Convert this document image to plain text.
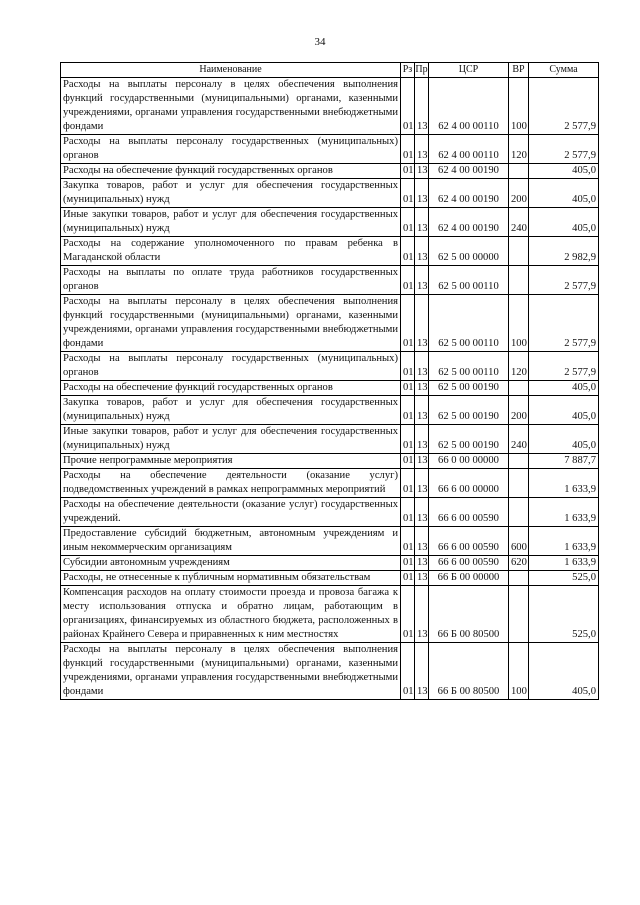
34
Наименование	Рз	Пр	ЦСР	ВР	Сумма
Расходы на выплаты персоналу в целях обеспечения выполнения функций государственными (муниципальными) органами, казенными учреждениями, органами управления государственными внебюджетными фондами	01	13	62 4 00 00110	100	2 577,9
Расходы на выплаты персоналу государственных (муниципальных) органов	01	13	62 4 00 00110	120	2 577,9
Расходы на обеспечение функций государственных органов	01	13	62 4 00 00190		405,0
Закупка товаров, работ и услуг для обеспечения государственных (муниципальных) нужд	01	13	62 4 00 00190	200	405,0
Иные закупки товаров, работ и услуг для обеспечения государственных (муниципальных) нужд	01	13	62 4 00 00190	240	405,0
Расходы на содержание уполномоченного по правам ребенка в Магаданской области	01	13	62 5 00 00000		2 982,9
Расходы на выплаты по оплате труда работников государственных органов	01	13	62 5 00 00110		2 577,9
Расходы на выплаты персоналу в целях обеспечения выполнения функций государственными (муниципальными) органами, казенными учреждениями, органами управления государственными внебюджетными фондами	01	13	62 5 00 00110	100	2 577,9
Расходы на выплаты персоналу государственных (муниципальных) органов	01	13	62 5 00 00110	120	2 577,9
Расходы на обеспечение функций государственных органов	01	13	62 5 00 00190		405,0
Закупка товаров, работ и услуг для обеспечения государственных (муниципальных) нужд	01	13	62 5 00 00190	200	405,0
Иные закупки товаров, работ и услуг для обеспечения государственных (муниципальных) нужд	01	13	62 5 00 00190	240	405,0
Прочие непрограммные мероприятия	01	13	66 0 00 00000		7 887,7
Расходы на обеспечение деятельности (оказание услуг) подведомственных учреждений в рамках непрограммных мероприятий	01	13	66 6 00 00000		1 633,9
Расходы на обеспечение деятельности (оказание услуг) государственных учреждений.	01	13	66 6 00 00590		1 633,9
Предоставление субсидий бюджетным, автономным учреждениям и иным некоммерческим организациям	01	13	66 6 00 00590	600	1 633,9
Субсидии автономным учреждениям	01	13	66 6 00 00590	620	1 633,9
Расходы, не отнесенные к публичным нормативным обязательствам	01	13	66 Б 00 00000		525,0
Компенсация расходов на оплату стоимости проезда и провоза багажа к месту использования отпуска и обратно лицам, работающим в организациях, финансируемых из областного бюджета, расположенных в районах Крайнего Севера и приравненных к ним местностях	01	13	66 Б 00 80500		525,0
Расходы на выплаты персоналу в целях обеспечения выполнения функций государственными (муниципальными) органами, казенными учреждениями, органами управления государственными внебюджетными фондами	01	13	66 Б 00 80500	100	405,0
